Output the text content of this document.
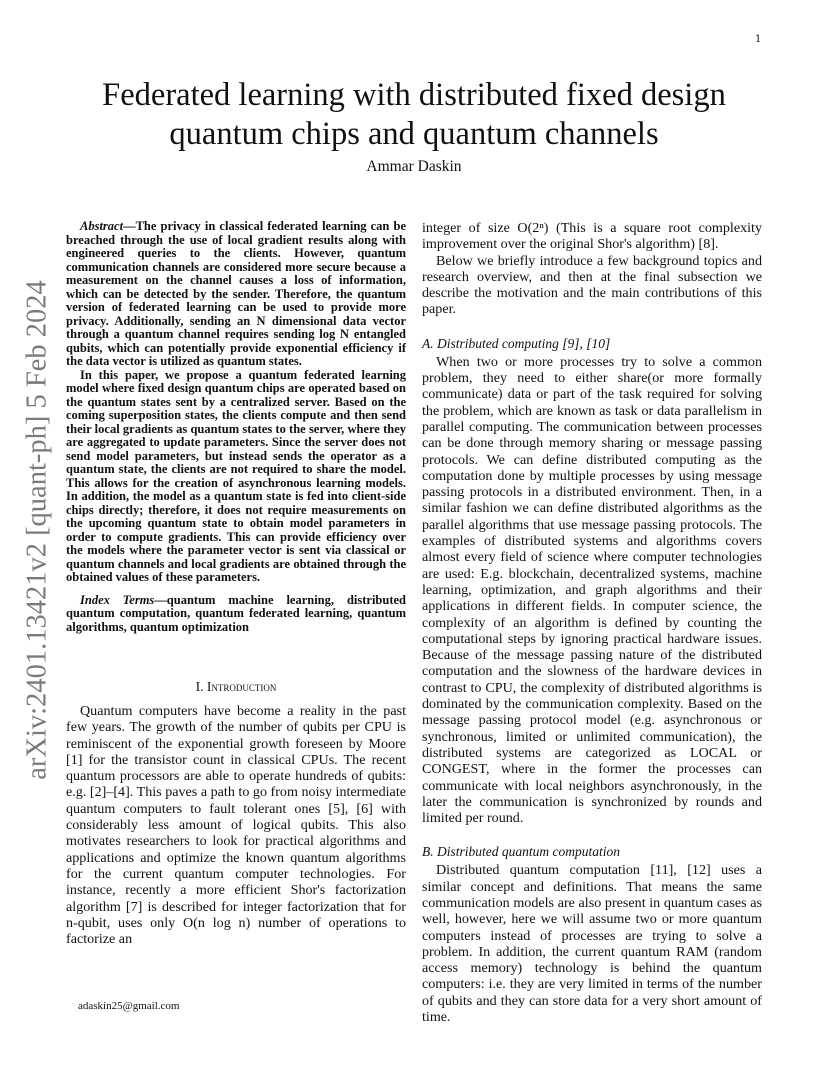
1
arXiv:2401.13421v2 [quant-ph] 5 Feb 2024
Federated learning with distributed fixed design
quantum chips and quantum channels
Ammar Daskin

Abstract—The privacy in classical federated learning can be breached through the use of local gradient results along with engineered queries to the clients. However, quantum communication channels are considered more secure because a measurement on the channel causes a loss of information, which can be detected by the sender. Therefore, the quantum version of federated learning can be used to provide more privacy. Additionally, sending an N dimensional data vector through a quantum channel requires sending log N entangled qubits, which can potentially provide exponential efficiency if the data vector is utilized as quantum states.

In this paper, we propose a quantum federated learning model where fixed design quantum chips are operated based on the quantum states sent by a centralized server. Based on the coming superposition states, the clients compute and then send their local gradients as quantum states to the server, where they are aggregated to update parameters. Since the server does not send model parameters, but instead sends the operator as a quantum state, the clients are not required to share the model. This allows for the creation of asynchronous learning models. In addition, the model as a quantum state is fed into client-side chips directly; therefore, it does not require measurements on the upcoming quantum state to obtain model parameters in order to compute gradients. This can provide efficiency over the models where the parameter vector is sent via classical or quantum channels and local gradients are obtained through the obtained values of these parameters.

Index Terms—quantum machine learning, distributed quantum computation, quantum federated learning, quantum algorithms, quantum optimization

I. Introduction

Quantum computers have become a reality in the past few years. The growth of the number of qubits per CPU is reminiscent of the exponential growth foreseen by Moore [1] for the transistor count in classical CPUs. The recent quantum processors are able to operate hundreds of qubits: e.g. [2]–[4]. This paves a path to go from noisy intermediate quantum computers to fault tolerant ones [5], [6] with considerably less amount of logical qubits. This also motivates researchers to look for practical algorithms and applications and optimize the known quantum algorithms for the current quantum computer technologies. For instance, recently a more efficient Shor's factorization algorithm [7] is described for integer factorization that for n-qubit, uses only O(n log n) number of operations to factorize an

integer of size O(2ⁿ) (This is a square root complexity improvement over the original Shor's algorithm) [8].

Below we briefly introduce a few background topics and research overview, and then at the final subsection we describe the motivation and the main contributions of this paper.

A. Distributed computing [9], [10]

When two or more processes try to solve a common problem, they need to either share(or more formally communicate) data or part of the task required for solving the problem, which are known as task or data parallelism in parallel computing. The communication between processes can be done through memory sharing or message passing protocols. We can define distributed computing as the computation done by multiple processes by using message passing protocols in a distributed environment. Then, in a similar fashion we can define distributed algorithms as the parallel algorithms that use message passing protocols. The examples of distributed systems and algorithms covers almost every field of science where computer technologies are used: E.g. blockchain, decentralized systems, machine learning, optimization, and graph algorithms and their applications in different fields. In computer science, the complexity of an algorithm is defined by counting the computational steps by ignoring practical hardware issues. Because of the message passing nature of the distributed computation and the slowness of the hardware devices in contrast to CPU, the complexity of distributed algorithms is dominated by the communication complexity. Based on the message passing protocol model (e.g. asynchronous or synchronous, limited or unlimited communication), the distributed systems are categorized as LOCAL or CONGEST, where in the former the processes can communicate with local neighbors asynchronously, in the later the communication is synchronized by rounds and limited per round.

B. Distributed quantum computation

Distributed quantum computation [11], [12] uses a similar concept and definitions. That means the same communication models are also present in quantum cases as well, however, here we will assume two or more quantum computers instead of processes are trying to solve a problem. In addition, the current quantum RAM (random access memory) technology is behind the quantum computers: i.e. they are very limited in terms of the number of qubits and they can store data for a very short amount of time.

adaskin25@gmail.com
